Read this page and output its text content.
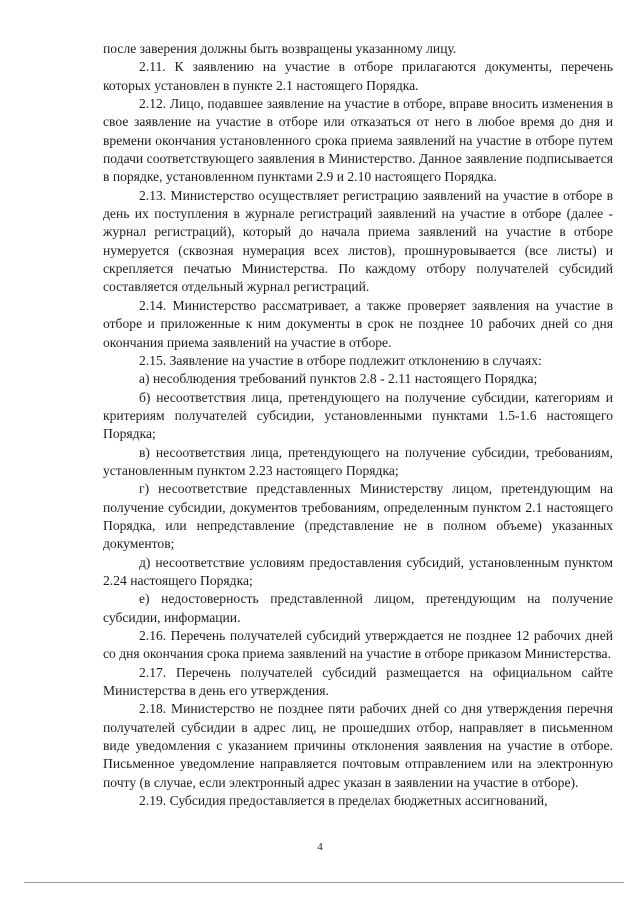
после заверения должны быть возвращены указанному лицу.

2.11. К заявлению на участие в отборе прилагаются документы, перечень которых установлен в пункте 2.1 настоящего Порядка.

2.12. Лицо, подавшее заявление на участие в отборе, вправе вносить изменения в свое заявление на участие в отборе или отказаться от него в любое время до дня и времени окончания установленного срока приема заявлений на участие в отборе путем подачи соответствующего заявления в Министерство. Данное заявление подписывается в порядке, установленном пунктами 2.9 и 2.10 настоящего Порядка.

2.13. Министерство осуществляет регистрацию заявлений на участие в отборе в день их поступления в журнале регистраций заявлений на участие в отборе (далее - журнал регистраций), который до начала приема заявлений на участие в отборе нумеруется (сквозная нумерация всех листов), прошнуровывается (все листы) и скрепляется печатью Министерства. По каждому отбору получателей субсидий составляется отдельный журнал регистраций.

2.14. Министерство рассматривает, а также проверяет заявления на участие в отборе и приложенные к ним документы в срок не позднее 10 рабочих дней со дня окончания приема заявлений на участие в отборе.

2.15. Заявление на участие в отборе подлежит отклонению в случаях:

а) несоблюдения требований пунктов 2.8 - 2.11 настоящего Порядка;

б) несоответствия лица, претендующего на получение субсидии, категориям и критериям получателей субсидии, установленными пунктами 1.5-1.6 настоящего Порядка;

в) несоответствия лица, претендующего на получение субсидии, требованиям, установленным пунктом 2.23 настоящего Порядка;

г) несоответствие представленных Министерству лицом, претендующим на получение субсидии, документов требованиям, определенным пунктом 2.1 настоящего Порядка, или непредставление (представление не в полном объеме) указанных документов;

д) несоответствие условиям предоставления субсидий, установленным пунктом 2.24 настоящего Порядка;

е) недостоверность представленной лицом, претендующим на получение субсидии, информации.

2.16. Перечень получателей субсидий утверждается не позднее 12 рабочих дней со дня окончания срока приема заявлений на участие в отборе приказом Министерства.

2.17. Перечень получателей субсидий размещается на официальном сайте Министерства в день его утверждения.

2.18. Министерство не позднее пяти рабочих дней со дня утверждения перечня получателей субсидии в адрес лиц, не прошедших отбор, направляет в письменном виде уведомления с указанием причины отклонения заявления на участие в отборе. Письменное уведомление направляется почтовым отправлением или на электронную почту (в случае, если электронный адрес указан в заявлении на участие в отборе).

2.19. Субсидия предоставляется в пределах бюджетных ассигнований,

4
